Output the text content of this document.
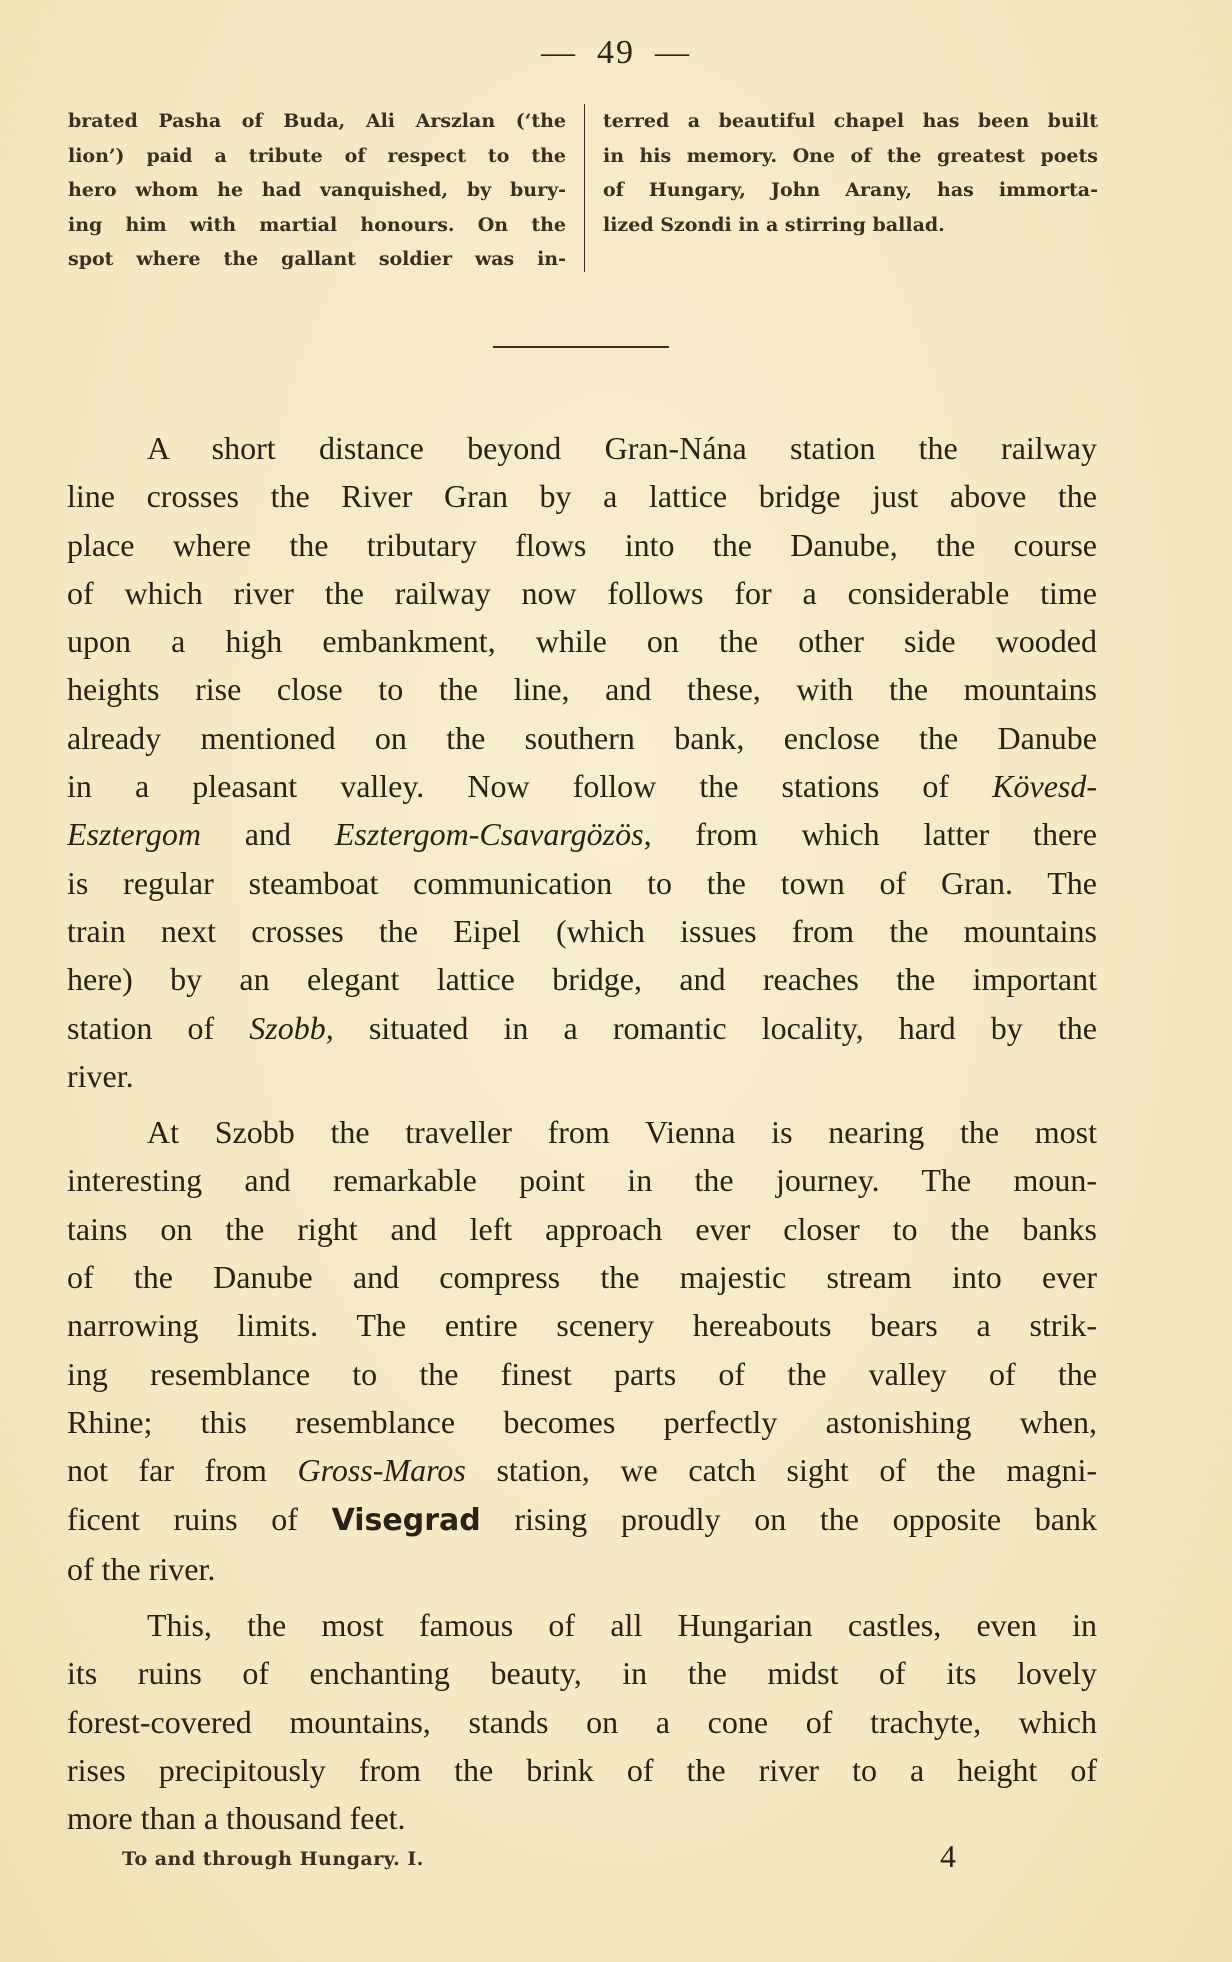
— 49 —
brated Pasha of Buda, Ali Arszlan (‘the
lion’) paid a tribute of respect to the
hero whom he had vanquished, by bury-
ing him with martial honours. On the
spot where the gallant soldier was in-
terred a beautiful chapel has been built
in his memory. One of the greatest poets
of Hungary, John Arany, has immorta-
lized Szondi in a stirring ballad.

A short distance beyond Gran-Nána station the railway
line crosses the River Gran by a lattice bridge just above the
place where the tributary flows into the Danube, the course
of which river the railway now follows for a considerable time
upon a high embankment, while on the other side wooded
heights rise close to the line, and these, with the mountains
already mentioned on the southern bank, enclose the Danube
in a pleasant valley. Now follow the stations of Kövesd-
Esztergom and Esztergom-Csavargözös, from which latter there
is regular steamboat communication to the town of Gran. The
train next crosses the Eipel (which issues from the mountains
here) by an elegant lattice bridge, and reaches the important
station of Szobb, situated in a romantic locality, hard by the
river.

At Szobb the traveller from Vienna is nearing the most
interesting and remarkable point in the journey. The moun-
tains on the right and left approach ever closer to the banks
of the Danube and compress the majestic stream into ever
narrowing limits. The entire scenery hereabouts bears a strik-
ing resemblance to the finest parts of the valley of the
Rhine; this resemblance becomes perfectly astonishing when,
not far from Gross-Maros station, we catch sight of the magni-
ficent ruins of Visegrad rising proudly on the opposite bank
of the river.

This, the most famous of all Hungarian castles, even in
its ruins of enchanting beauty, in the midst of its lovely
forest-covered mountains, stands on a cone of trachyte, which
rises precipitously from the brink of the river to a height of
more than a thousand feet.

To and through Hungary. I.	4
